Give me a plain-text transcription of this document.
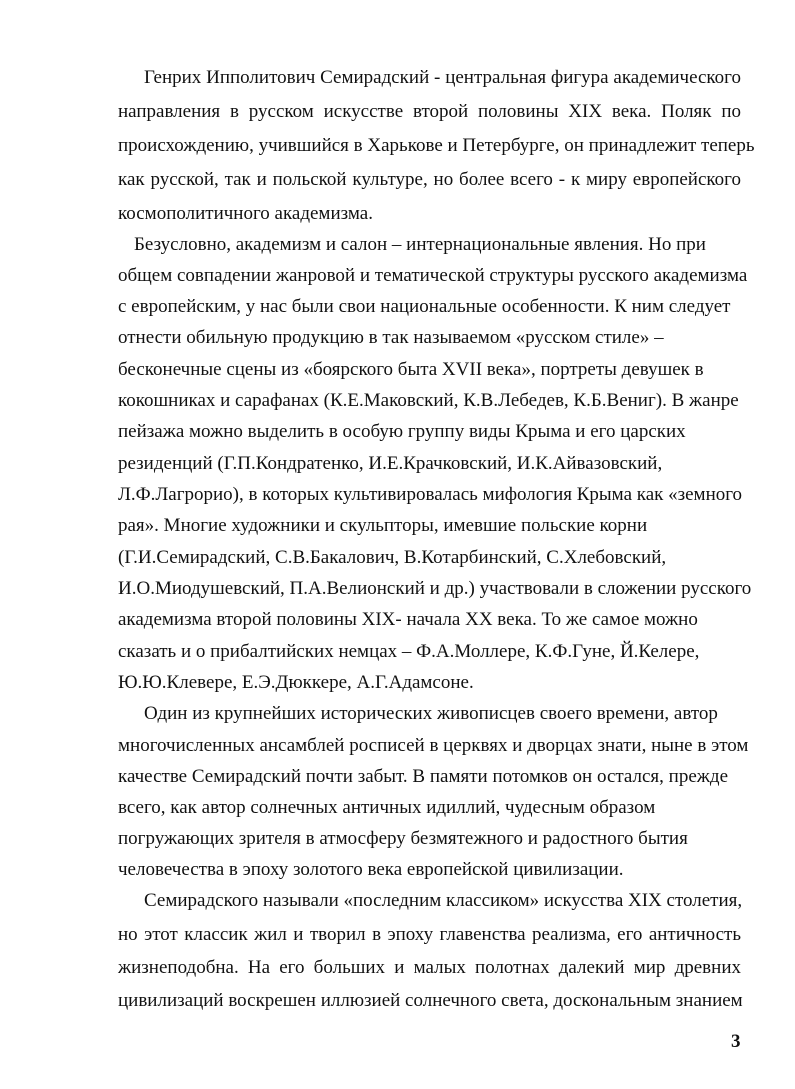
Генрих Ипполитович Семирадский - центральная фигура академического
направления в русском искусстве второй половины XIX века. Поляк по
происхождению, учившийся в Харькове и Петербурге, он принадлежит теперь
как русской, так и польской культуре, но более всего - к миру европейского
космополитичного академизма.
Безусловно, академизм и салон – интернациональные явления. Но при
общем совпадении жанровой и тематической структуры русского академизма
с европейским, у нас были свои национальные особенности. К ним следует
отнести обильную продукцию в так называемом «русском стиле» –
бесконечные сцены из «боярского быта XVII века», портреты девушек в
кокошниках и сарафанах (К.Е.Маковский, К.В.Лебедев, К.Б.Вениг). В жанре
пейзажа можно выделить в особую группу виды Крыма и его царских
резиденций (Г.П.Кондратенко, И.Е.Крачковский, И.К.Айвазовский,
Л.Ф.Лагрорио), в которых культивировалась мифология Крыма как «земного
рая». Многие художники и скульпторы, имевшие польские корни
(Г.И.Семирадский, С.В.Бакалович, В.Котарбинский, С.Хлебовский,
И.О.Миодушевский, П.А.Велионский и др.) участвовали в сложении русского
академизма второй половины XIX- начала XX века. То же самое можно
сказать и о прибалтийских немцах – Ф.А.Моллере, К.Ф.Гуне, Й.Келере,
Ю.Ю.Клевере, Е.Э.Дюккере, А.Г.Адамсоне.
Один из крупнейших исторических живописцев своего времени, автор
многочисленных ансамблей росписей в церквях и дворцах знати, ныне в этом
качестве Семирадский почти забыт. В памяти потомков он остался, прежде
всего, как автор солнечных античных идиллий, чудесным образом
погружающих зрителя в атмосферу безмятежного и радостного бытия
человечества в эпоху золотого века европейской цивилизации.
Семирадского называли «последним классиком» искусства XIX столетия,
но этот классик жил и творил в эпоху главенства реализма, его античность
жизнеподобна. На его больших и малых полотнах далекий мир древних
цивилизаций воскрешен иллюзией солнечного света, доскональным знанием
3
